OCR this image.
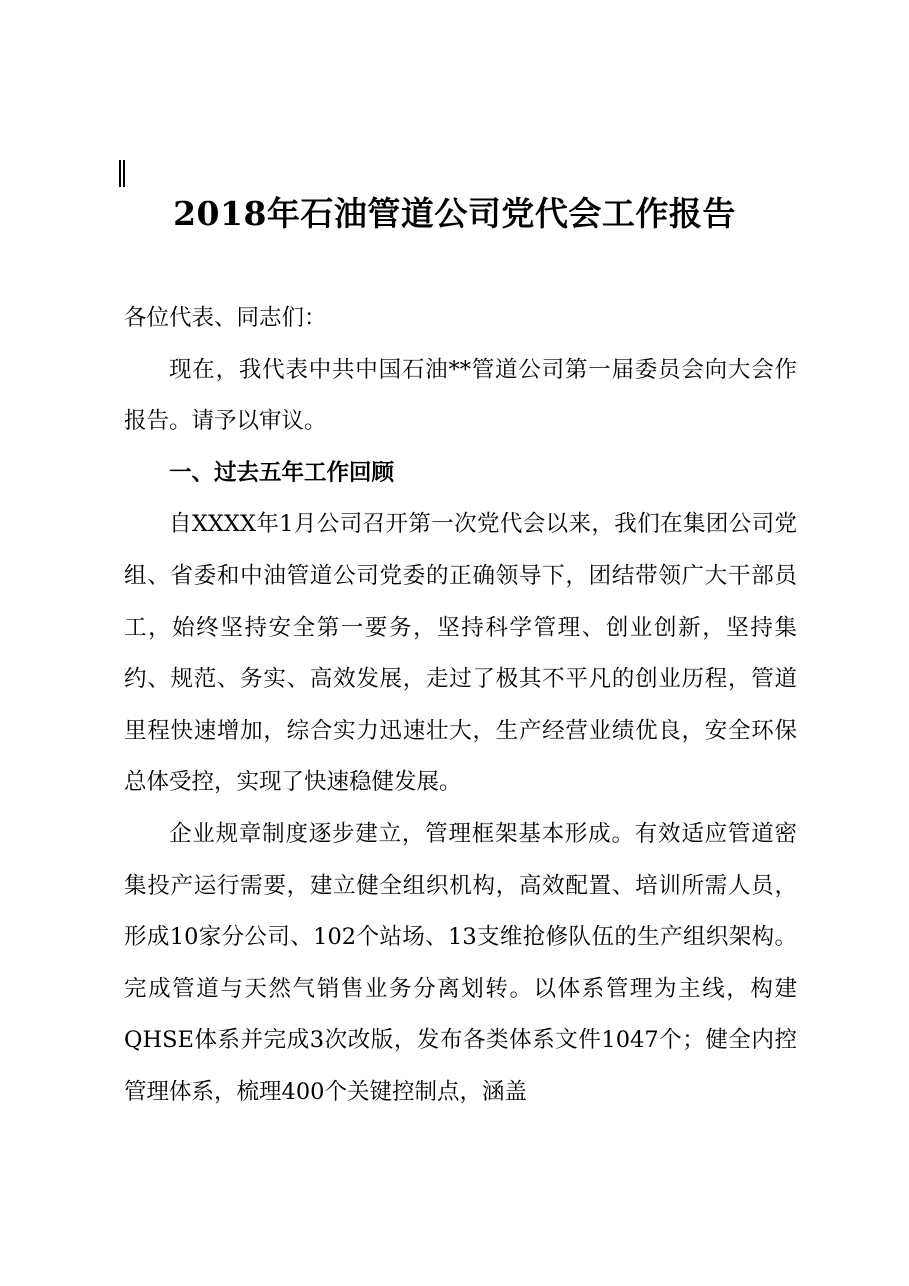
2018年石油管道公司党代会工作报告

各位代表、同志们：

现在，我代表中共中国石油**管道公司第一届委员会向大会作报告。请予以审议。

一、过去五年工作回顾

自XXXX年1月公司召开第一次党代会以来，我们在集团公司党组、省委和中油管道公司党委的正确领导下，团结带领广大干部员工，始终坚持安全第一要务，坚持科学管理、创业创新，坚持集约、规范、务实、高效发展，走过了极其不平凡的创业历程，管道里程快速增加，综合实力迅速壮大，生产经营业绩优良，安全环保总体受控，实现了快速稳健发展。

企业规章制度逐步建立，管理框架基本形成。有效适应管道密集投产运行需要，建立健全组织机构，高效配置、培训所需人员，形成10家分公司、102个站场、13支维抢修队伍的生产组织架构。完成管道与天然气销售业务分离划转。以体系管理为主线，构建QHSE体系并完成3次改版，发布各类体系文件1047个；健全内控管理体系，梳理400个关键控制点，涵盖
